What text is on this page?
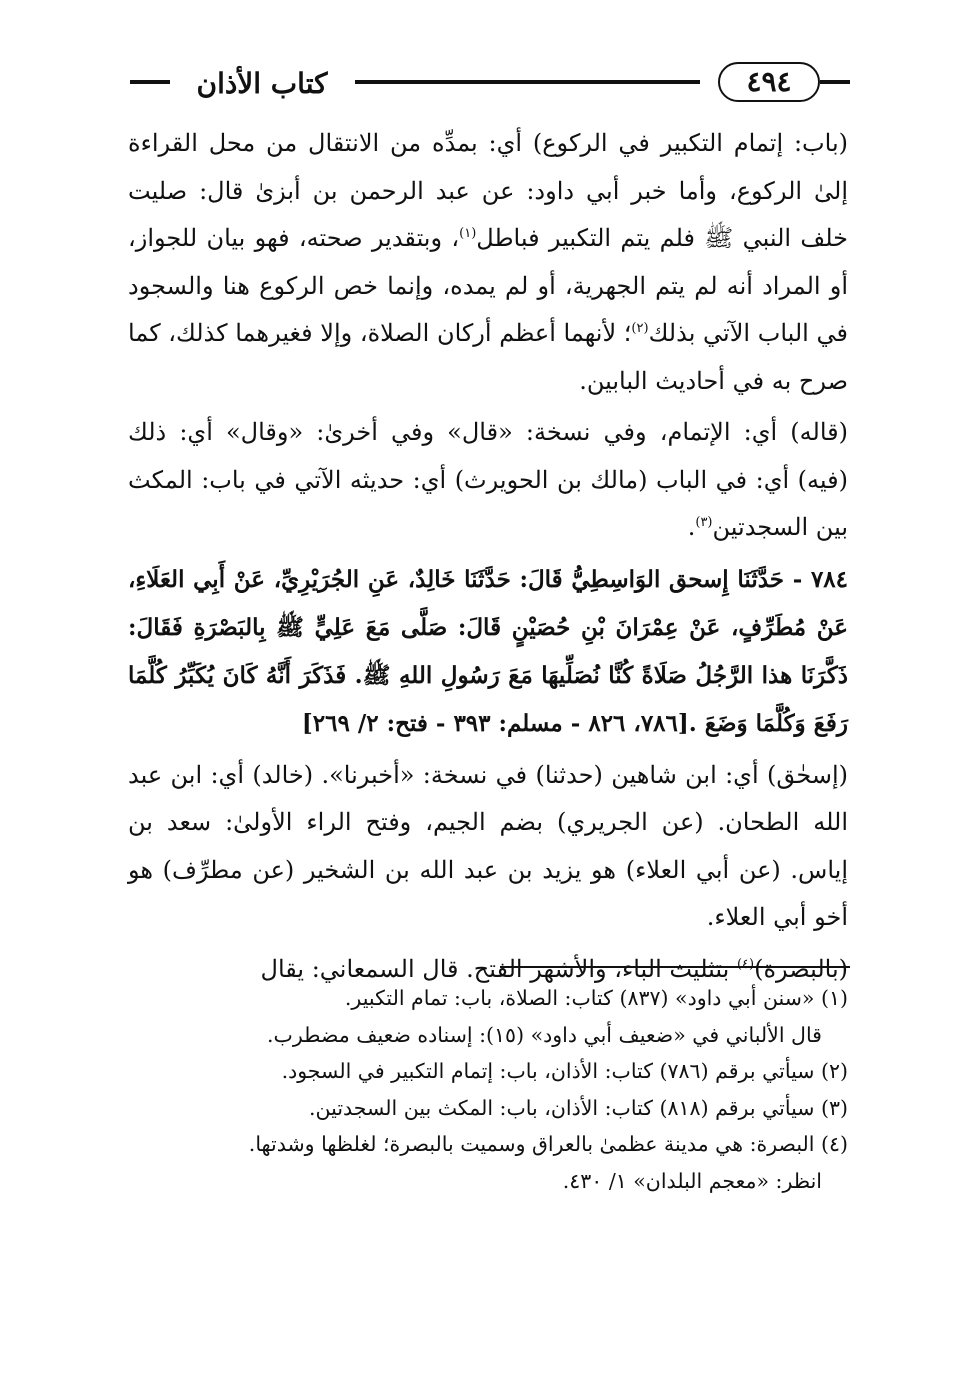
كتاب الأذان	٤٩٤

(باب: إتمام التكبير في الركوع) أي: بمدِّه من الانتقال من محل القراءة إلىٰ الركوع، وأما خبر أبي داود: عن عبد الرحمن بن أبزىٰ قال: صليت خلف النبي ﷺ فلم يتم التكبير فباطل$^{(١)}$، وبتقدير صحته، فهو بيان للجواز، أو المراد أنه لم يتم الجهرية، أو لم يمده، وإنما خص الركوع هنا والسجود في الباب الآتي بذلك$^{(٢)}$؛ لأنهما أعظم أركان الصلاة، وإلا فغيرهما كذلك، كما صرح به في أحاديث البابين.

(قاله) أي: الإتمام، وفي نسخة: «قال» وفي أخرىٰ: «وقال» أي: ذلك (فيه) أي: في الباب (مالك بن الحويرث) أي: حديثه الآتي في باب: المكث بين السجدتين$^{(٣)}$.

٧٨٤ - حَدَّثَنَا إِسحق الوَاسِطِيُّ قَالَ: حَدَّثَنَا خَالِدٌ، عَنِ الجُرَيْرِيِّ، عَنْ أَبِي العَلَاءِ، عَنْ مُطَرِّفٍ، عَنْ عِمْرَانَ بْنِ حُصَيْنٍ قَالَ: صَلَّى مَعَ عَلِيٍّ ﷺ بِالبَصْرَةِ فَقَالَ: ذَكَّرَنَا هذا الرَّجُلُ صَلَاةً كُنَّا نُصَلِّيهَا مَعَ رَسُولِ اللهِ ﷺ. فَذَكَرَ أَنَّهُ كَانَ يُكَبِّرُ كُلَّمَا رَفَعَ وَكُلَّمَا وَضَعَ .[٧٨٦، ٨٢٦ - مسلم: ٣٩٣ - فتح: ٢/ ٢٦٩]

(إسحٰق) أي: ابن شاهين (حدثنا) في نسخة: «أخبرنا». (خالد) أي: ابن عبد الله الطحان. (عن الجريري) بضم الجيم، وفتح الراء الأولىٰ: سعد بن إياس. (عن أبي العلاء) هو يزيد بن عبد الله بن الشخير (عن مطرِّف) هو أخو أبي العلاء.

(بالبصرة)$^{(٤)}$ بتثليث الباء، والأشهر الفتح. قال السمعاني: يقال

(١) «سنن أبي داود» (٨٣٧) كتاب: الصلاة، باب: تمام التكبير.

قال الألباني في «ضعيف أبي داود» (١٥): إسناده ضعيف مضطرب.

(٢) سيأتي برقم (٧٨٦) كتاب: الأذان، باب: إتمام التكبير في السجود.

(٣) سيأتي برقم (٨١٨) كتاب: الأذان، باب: المكث بين السجدتين.

(٤) البصرة: هي مدينة عظمىٰ بالعراق وسميت بالبصرة؛ لغلظها وشدتها.

انظر: «معجم البلدان» ١/ ٤٣٠.
